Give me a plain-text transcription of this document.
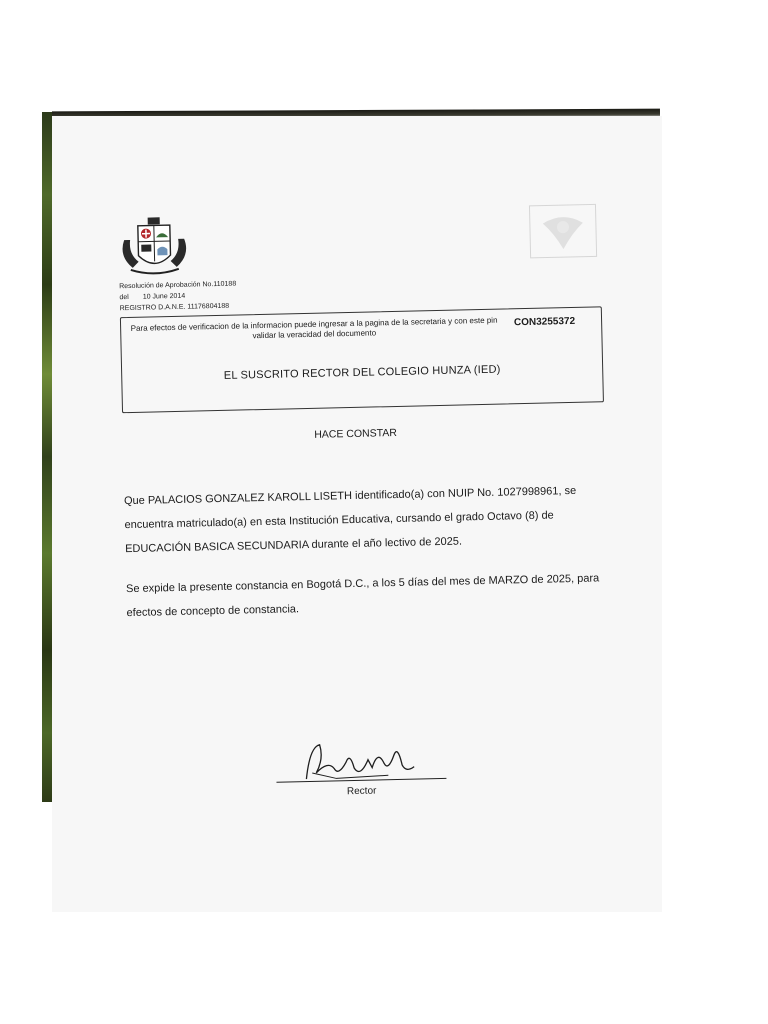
Resolución de Aprobación No.110188
del 10 June 2014
REGISTRO D.A.N.E. 11176804188
Para efectos de verificacion de la informacion puede ingresar a la pagina de la secretaria y con este pin validar la veracidad del documento
CON3255372
EL SUSCRITO RECTOR DEL COLEGIO HUNZA (IED)
HACE CONSTAR
Que PALACIOS GONZALEZ KAROLL LISETH identificado(a) con NUIP No. 1027998961, se encuentra matriculado(a) en esta Institución Educativa, cursando el grado Octavo (8) de EDUCACIÓN BASICA SECUNDARIA durante el año lectivo de 2025.
Se expide la presente constancia en Bogotá D.C., a los 5 días del mes de MARZO de 2025, para efectos de concepto de constancia.
Rector
